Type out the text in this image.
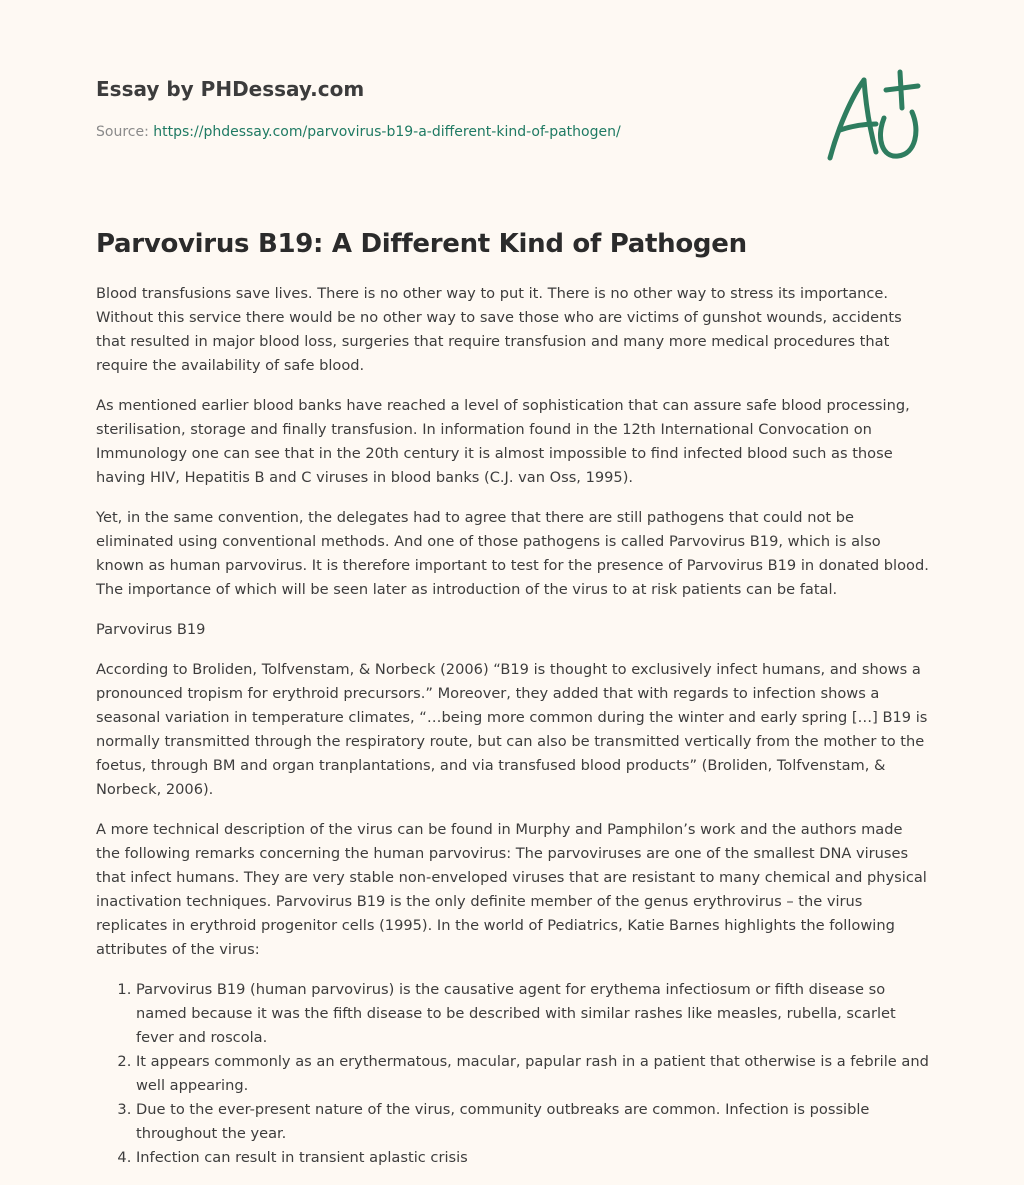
Essay by PHDessay.com
Source: https://phdessay.com/parvovirus-b19-a-different-kind-of-pathogen/
Parvovirus B19: A Different Kind of Pathogen

Blood transfusions save lives. There is no other way to put it. There is no other way to stress its importance. Without this service there would be no other way to save those who are victims of gunshot wounds, accidents that resulted in major blood loss, surgeries that require transfusion and many more medical procedures that require the availability of safe blood.

As mentioned earlier blood banks have reached a level of sophistication that can assure safe blood processing, sterilisation, storage and finally transfusion. In information found in the 12th International Convocation on Immunology one can see that in the 20th century it is almost impossible to find infected blood such as those having HIV, Hepatitis B and C viruses in blood banks (C.J. van Oss, 1995).

Yet, in the same convention, the delegates had to agree that there are still pathogens that could not be eliminated using conventional methods. And one of those pathogens is called Parvovirus B19, which is also known as human parvovirus. It is therefore important to test for the presence of Parvovirus B19 in donated blood. The importance of which will be seen later as introduction of the virus to at risk patients can be fatal.

Parvovirus B19

According to Broliden, Tolfvenstam, & Norbeck (2006) “B19 is thought to exclusively infect humans, and shows a pronounced tropism for erythroid precursors.” Moreover, they added that with regards to infection shows a seasonal variation in temperature climates, “…being more common during the winter and early spring […] B19 is normally transmitted through the respiratory route, but can also be transmitted vertically from the mother to the foetus, through BM and organ tranplantations, and via transfused blood products” (Broliden, Tolfvenstam, & Norbeck, 2006).

A more technical description of the virus can be found in Murphy and Pamphilon’s work and the authors made the following remarks concerning the human parvovirus: The parvoviruses are one of the smallest DNA viruses that infect humans. They are very stable non-enveloped viruses that are resistant to many chemical and physical inactivation techniques. Parvovirus B19 is the only definite member of the genus erythrovirus – the virus replicates in erythroid progenitor cells (1995). In the world of Pediatrics, Katie Barnes highlights the following attributes of the virus:

1. Parvovirus B19 (human parvovirus) is the causative agent for erythema infectiosum or fifth disease so named because it was the fifth disease to be described with similar rashes like measles, rubella, scarlet fever and roscola.
2. It appears commonly as an erythermatous, macular, papular rash in a patient that otherwise is a febrile and well appearing.
3. Due to the ever-present nature of the virus, community outbreaks are common. Infection is possible throughout the year.
4. Infection can result in transient aplastic crisis
